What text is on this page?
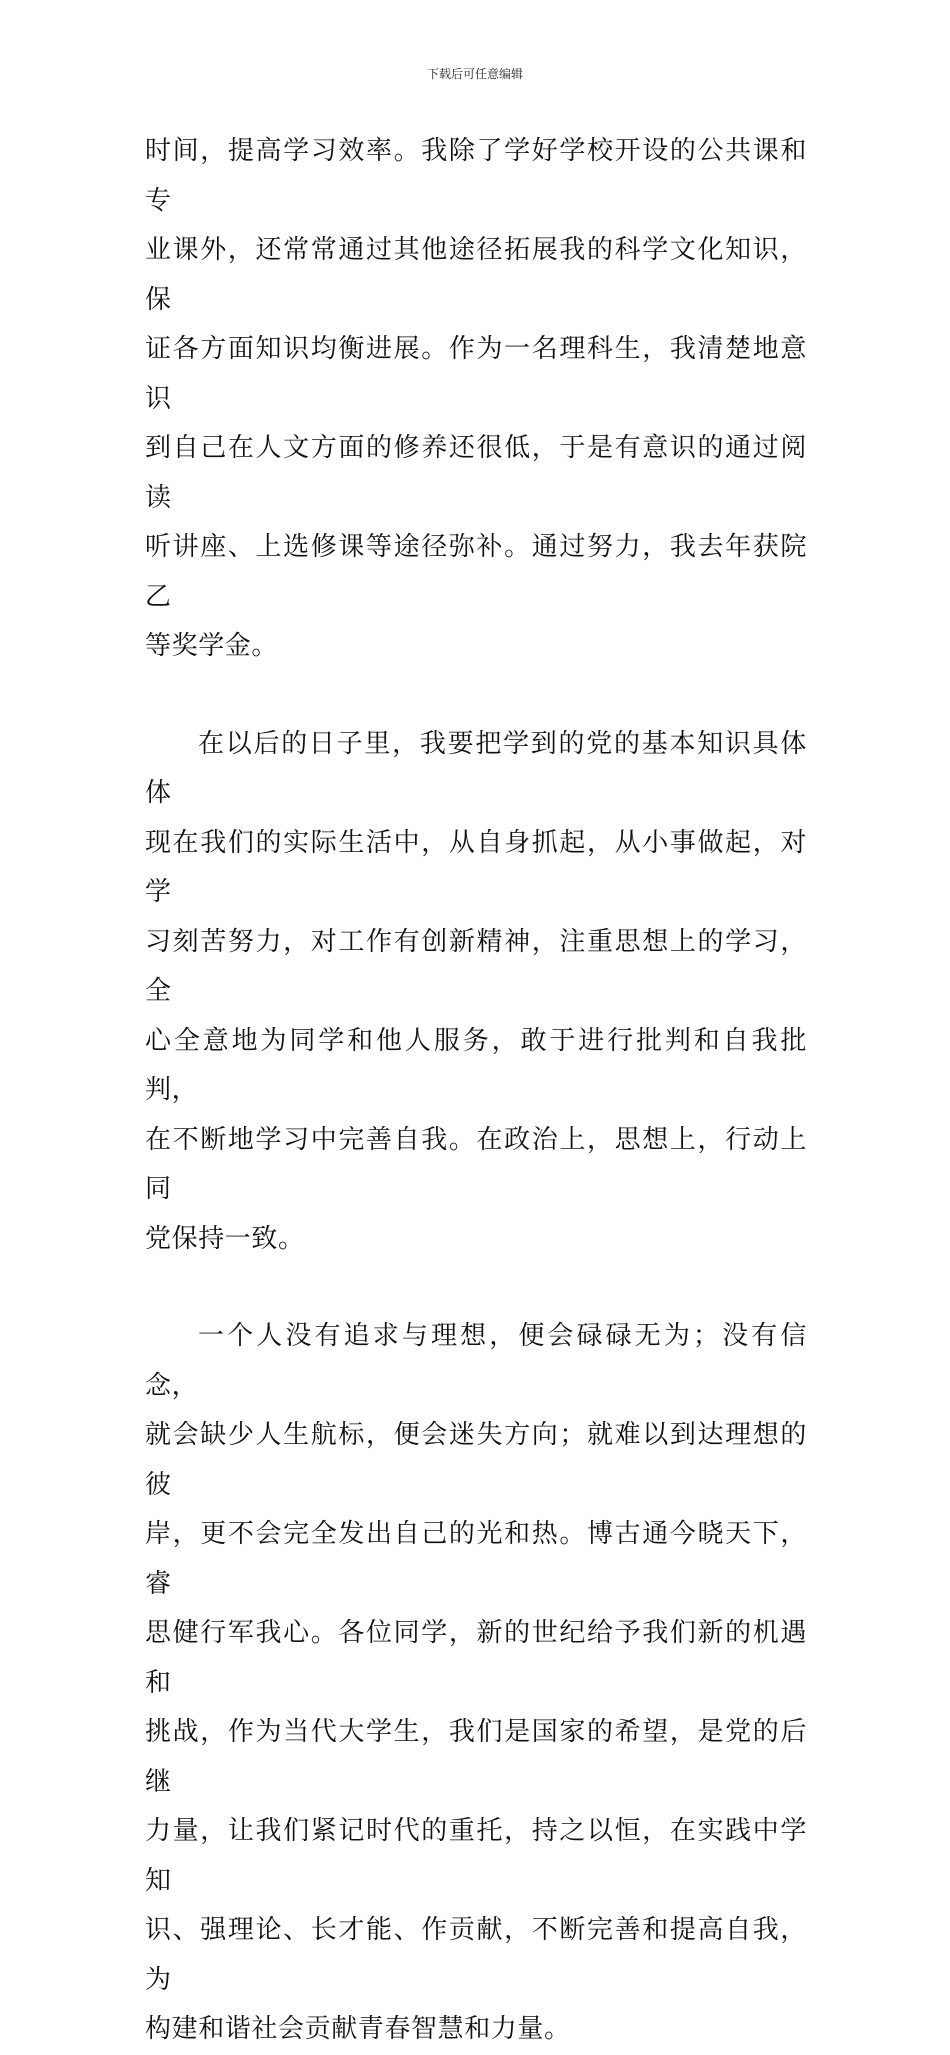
下载后可任意编辑
时间，提高学习效率。我除了学好学校开设的公共课和专
业课外，还常常通过其他途径拓展我的科学文化知识，保
证各方面知识均衡进展。作为一名理科生，我清楚地意识
到自己在人文方面的修养还很低，于是有意识的通过阅读
听讲座、上选修课等途径弥补。通过努力，我去年获院乙
等奖学金。
在以后的日子里，我要把学到的党的基本知识具体体
现在我们的实际生活中，从自身抓起，从小事做起，对学
习刻苦努力，对工作有创新精神，注重思想上的学习，全
心全意地为同学和他人服务，敢于进行批判和自我批判，
在不断地学习中完善自我。在政治上，思想上，行动上同
党保持一致。
一个人没有追求与理想，便会碌碌无为；没有信念，
就会缺少人生航标，便会迷失方向；就难以到达理想的彼
岸，更不会完全发出自己的光和热。博古通今晓天下，睿
思健行军我心。各位同学，新的世纪给予我们新的机遇和
挑战，作为当代大学生，我们是国家的希望，是党的后继
力量，让我们紧记时代的重托，持之以恒，在实践中学知
识、强理论、长才能、作贡献，不断完善和提高自我，为
构建和谐社会贡献青春智慧和力量。
